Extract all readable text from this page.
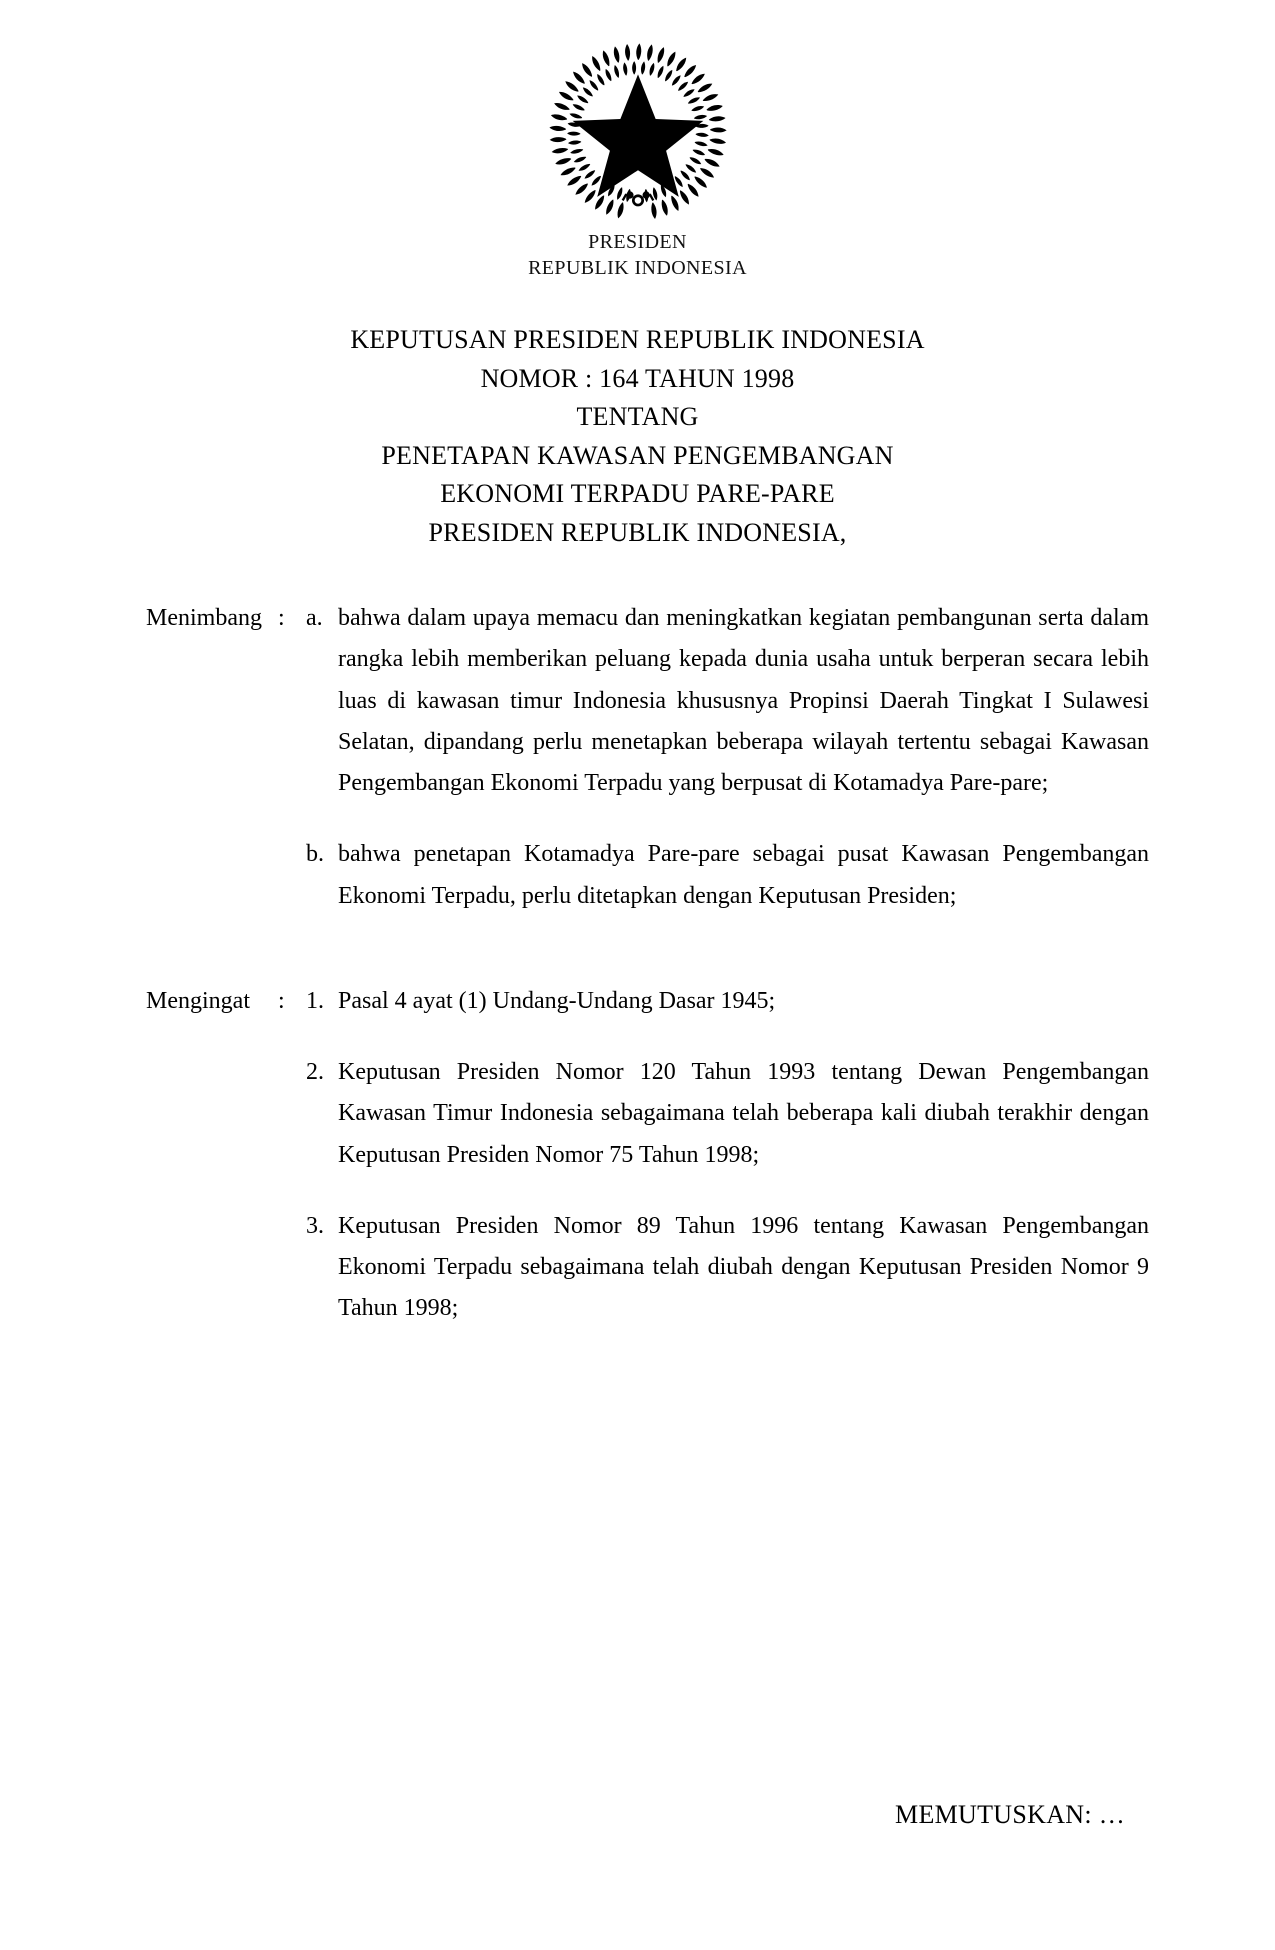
PRESIDEN
REPUBLIK INDONESIA
KEPUTUSAN PRESIDEN REPUBLIK INDONESIA
NOMOR : 164 TAHUN 1998
TENTANG
PENETAPAN KAWASAN PENGEMBANGAN
EKONOMI TERPADU PARE-PARE
PRESIDEN REPUBLIK INDONESIA,
Menimbang : a. bahwa dalam upaya memacu dan meningkatkan kegiatan pembangunan serta dalam rangka lebih memberikan peluang kepada dunia usaha untuk berperan secara lebih luas di kawasan timur Indonesia khususnya Propinsi Daerah Tingkat I Sulawesi Selatan, dipandang perlu menetapkan beberapa wilayah tertentu sebagai Kawasan Pengembangan Ekonomi Terpadu yang berpusat di Kotamadya Pare-pare;
b. bahwa penetapan Kotamadya Pare-pare sebagai pusat Kawasan Pengembangan Ekonomi Terpadu, perlu ditetapkan dengan Keputusan Presiden;
Mengingat	: 1. Pasal 4 ayat (1) Undang-Undang Dasar 1945;
2. Keputusan Presiden Nomor 120 Tahun 1993 tentang Dewan Pengembangan Kawasan Timur Indonesia sebagaimana telah beberapa kali diubah terakhir dengan Keputusan Presiden Nomor 75 Tahun 1998;
3. Keputusan Presiden Nomor 89 Tahun 1996 tentang Kawasan Pengembangan Ekonomi Terpadu sebagaimana telah diubah dengan Keputusan Presiden Nomor 9 Tahun 1998;
MEMUTUSKAN: …
